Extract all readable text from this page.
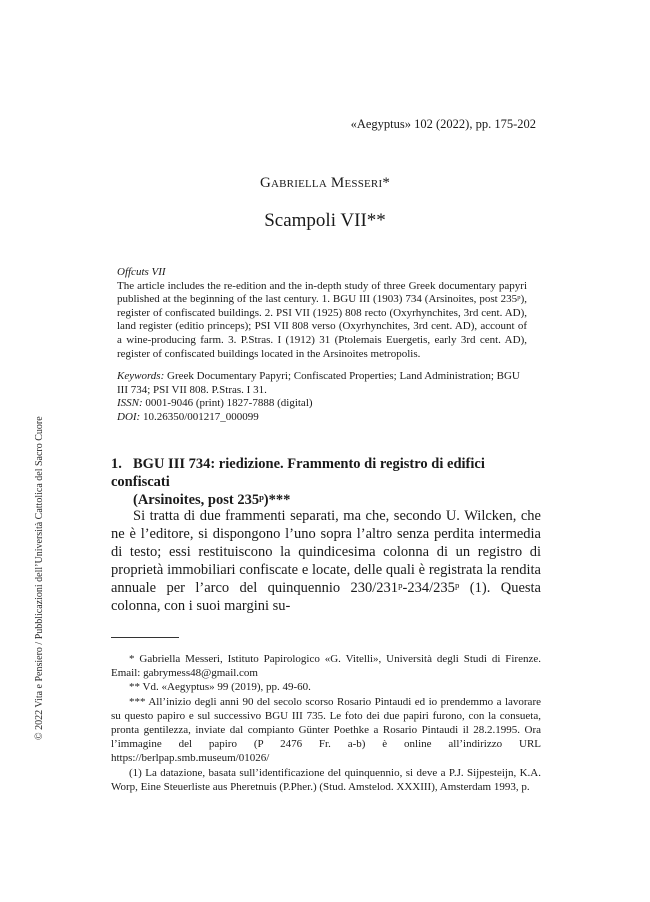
© 2022 Vita e Pensiero / Pubblicazioni dell’Università Cattolica del Sacro Cuore
«Aegyptus» 102 (2022), pp. 175-202
Gabriella Messeri*
Scampoli VII**
Offcuts VII
The article includes the re-edition and the in-depth study of three Greek documentary papyri published at the beginning of the last century. 1. BGU III (1903) 734 (Arsinoites, post 235ᵖ), register of confiscated buildings. 2. PSI VII (1925) 808 recto (Oxyrhynchites, 3rd cent. AD), land register (editio princeps); PSI VII 808 verso (Oxyrhynchites, 3rd cent. AD), account of a wine-producing farm. 3. P.Stras. I (1912) 31 (Ptolemais Euergetis, early 3rd cent. AD), register of confiscated buildings located in the Arsinoites metropolis.
Keywords: Greek Documentary Papyri; Confiscated Properties; Land Administration; BGU III 734; PSI VII 808. P.Stras. I 31.
ISSN: 0001-9046 (print) 1827-7888 (digital)
DOI: 10.26350/001217_000099
1. BGU III 734: riedizione. Frammento di registro di edifici confiscati
(Arsinoites, post 235ᵖ)***
Si tratta di due frammenti separati, ma che, secondo U. Wilcken, che ne è l’editore, si dispongono l’uno sopra l’altro senza perdita intermedia di testo; essi restituiscono la quindicesima colonna di un registro di proprietà immobiliari confiscate e locate, delle quali è registrata la rendita annuale per l’arco del quinquennio 230/231ᵖ-234/235ᵖ (1). Questa colonna, con i suoi margini su-

* Gabriella Messeri, Istituto Papirologico «G. Vitelli», Università degli Studi di Firenze. Email: gabrymess48@gmail.com

** Vd. «Aegyptus» 99 (2019), pp. 49-60.

*** All’inizio degli anni 90 del secolo scorso Rosario Pintaudi ed io prendemmo a lavorare su questo papiro e sul successivo BGU III 735. Le foto dei due papiri furono, con la consueta, pronta gentilezza, inviate dal compianto Günter Poethke a Rosario Pintaudi il 28.2.1995. Ora l’immagine del papiro (P 2476 Fr. a-b) è online all’indirizzo URL https://berlpap.smb.museum/01026/

(1) La datazione, basata sull’identificazione del quinquennio, si deve a P.J. Sijpesteijn, K.A. Worp, Eine Steuerliste aus Pheretnuis (P.Pher.) (Stud. Amstelod. XXXIII), Amsterdam 1993, p.
